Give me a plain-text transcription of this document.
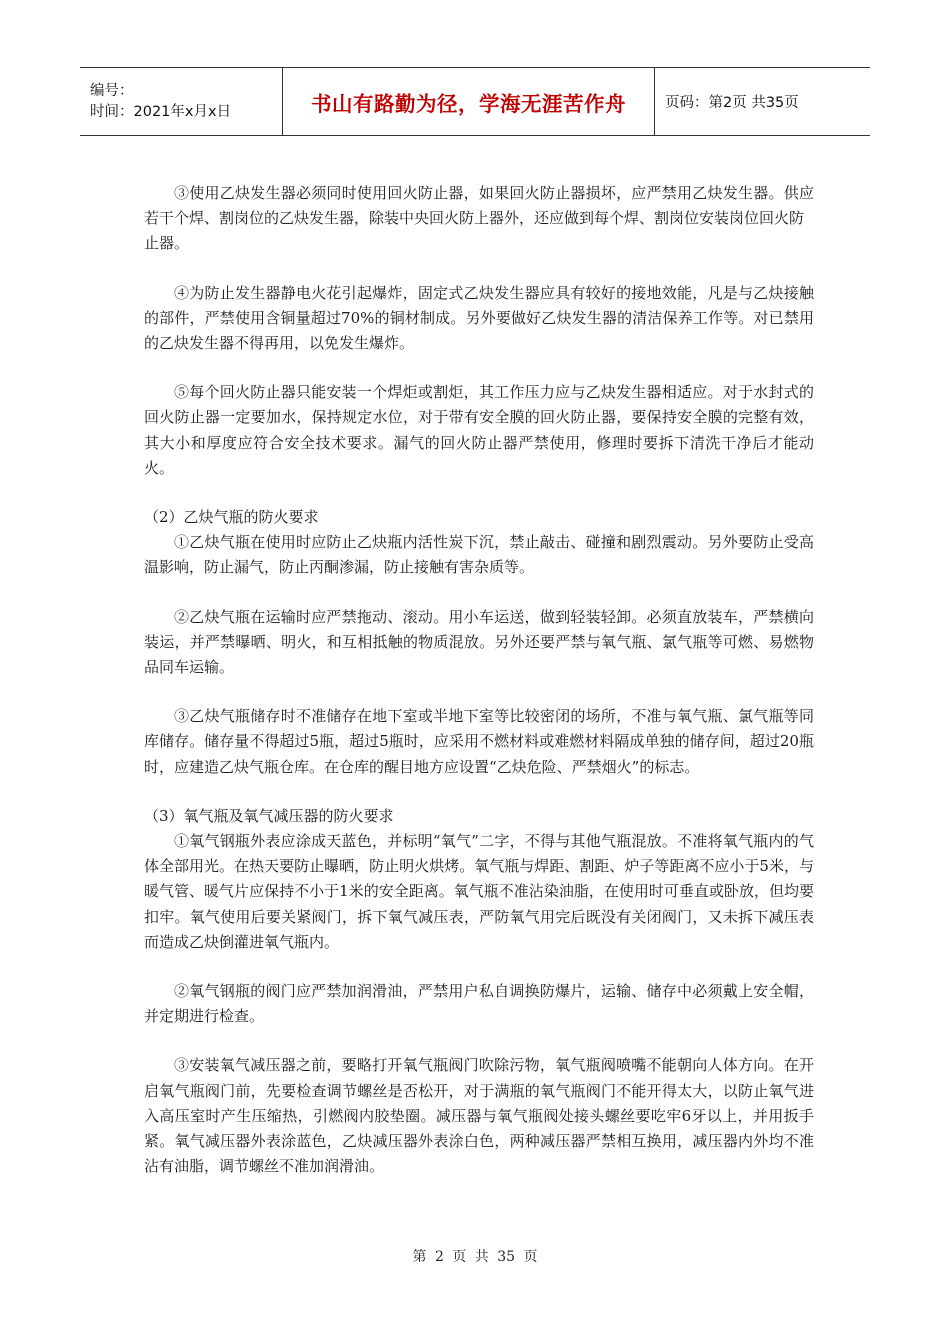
编号：
时间：2021年x月x日	书山有路勤为径，学海无涯苦作舟	页码：第2页 共35页

③使用乙炔发生器必须同时使用回火防止器，如果回火防止器损坏，应严禁用乙炔发生器。供应若干个焊、割岗位的乙炔发生器，除装中央回火防上器外，还应做到每个焊、割岗位安装岗位回火防

止器。

④为防止发生器静电火花引起爆炸，固定式乙炔发生器应具有较好的接地效能，凡是与乙炔接触的部件，严禁使用含铜量超过70%的铜材制成。另外要做好乙炔发生器的清洁保养工作等。对已禁用的乙炔发生器不得再用，以免发生爆炸。

⑤每个回火防止器只能安装一个焊炬或割炬，其工作压力应与乙炔发生器相适应。对于水封式的回火防止器一定要加水，保持规定水位，对于带有安全膜的回火防止器，要保持安全膜的完整有效，其大小和厚度应符合安全技术要求。漏气的回火防止器严禁使用，修理时要拆下清洗干净后才能动火。

（2）乙炔气瓶的防火要求

①乙炔气瓶在使用时应防止乙炔瓶内活性炭下沉，禁止敲击、碰撞和剧烈震动。另外要防止受高温影响，防止漏气，防止丙酮渗漏，防止接触有害杂质等。

②乙炔气瓶在运输时应严禁拖动、滚动。用小车运送，做到轻装轻卸。必须直放装车，严禁横向装运，并严禁曝晒、明火，和互相抵触的物质混放。另外还要严禁与氧气瓶、氯气瓶等可燃、易燃物品同车运输。

③乙炔气瓶储存时不准储存在地下室或半地下室等比较密闭的场所，不准与氧气瓶、氯气瓶等同库储存。储存量不得超过5瓶，超过5瓶时，应采用不燃材料或难燃材料隔成单独的储存间，超过20瓶时，应建造乙炔气瓶仓库。在仓库的醒目地方应设置“乙炔危险、严禁烟火”的标志。

（3）氧气瓶及氧气减压器的防火要求

①氧气钢瓶外表应涂成天蓝色，并标明“氧气”二字，不得与其他气瓶混放。不准将氧气瓶内的气体全部用光。在热天要防止曝晒，防止明火烘烤。氧气瓶与焊距、割距、炉子等距离不应小于5米，与暖气管、暖气片应保持不小于1米的安全距离。氧气瓶不准沾染油脂，在使用时可垂直或卧放，但均要扣牢。氧气使用后要关紧阀门，拆下氧气减压表，严防氧气用完后既没有关闭阀门，又未拆下减压表而造成乙炔倒灌进氧气瓶内。

②氧气钢瓶的阀门应严禁加润滑油，严禁用户私自调换防爆片，运输、储存中必须戴上安全帽，并定期进行检查。

③安装氧气减压器之前，要略打开氧气瓶阀门吹除污物，氧气瓶阀喷嘴不能朝向人体方向。在开启氧气瓶阀门前，先要检查调节螺丝是否松开，对于满瓶的氧气瓶阀门不能开得太大，以防止氧气进入高压室时产生压缩热，引燃阀内胶垫圈。减压器与氧气瓶阀处接头螺丝要吃牢6牙以上，并用扳手紧。氧气减压器外表涂蓝色，乙炔减压器外表涂白色，两种减压器严禁相互换用，减压器内外均不准沾有油脂，调节螺丝不准加润滑油。

第 2 页 共 35 页
